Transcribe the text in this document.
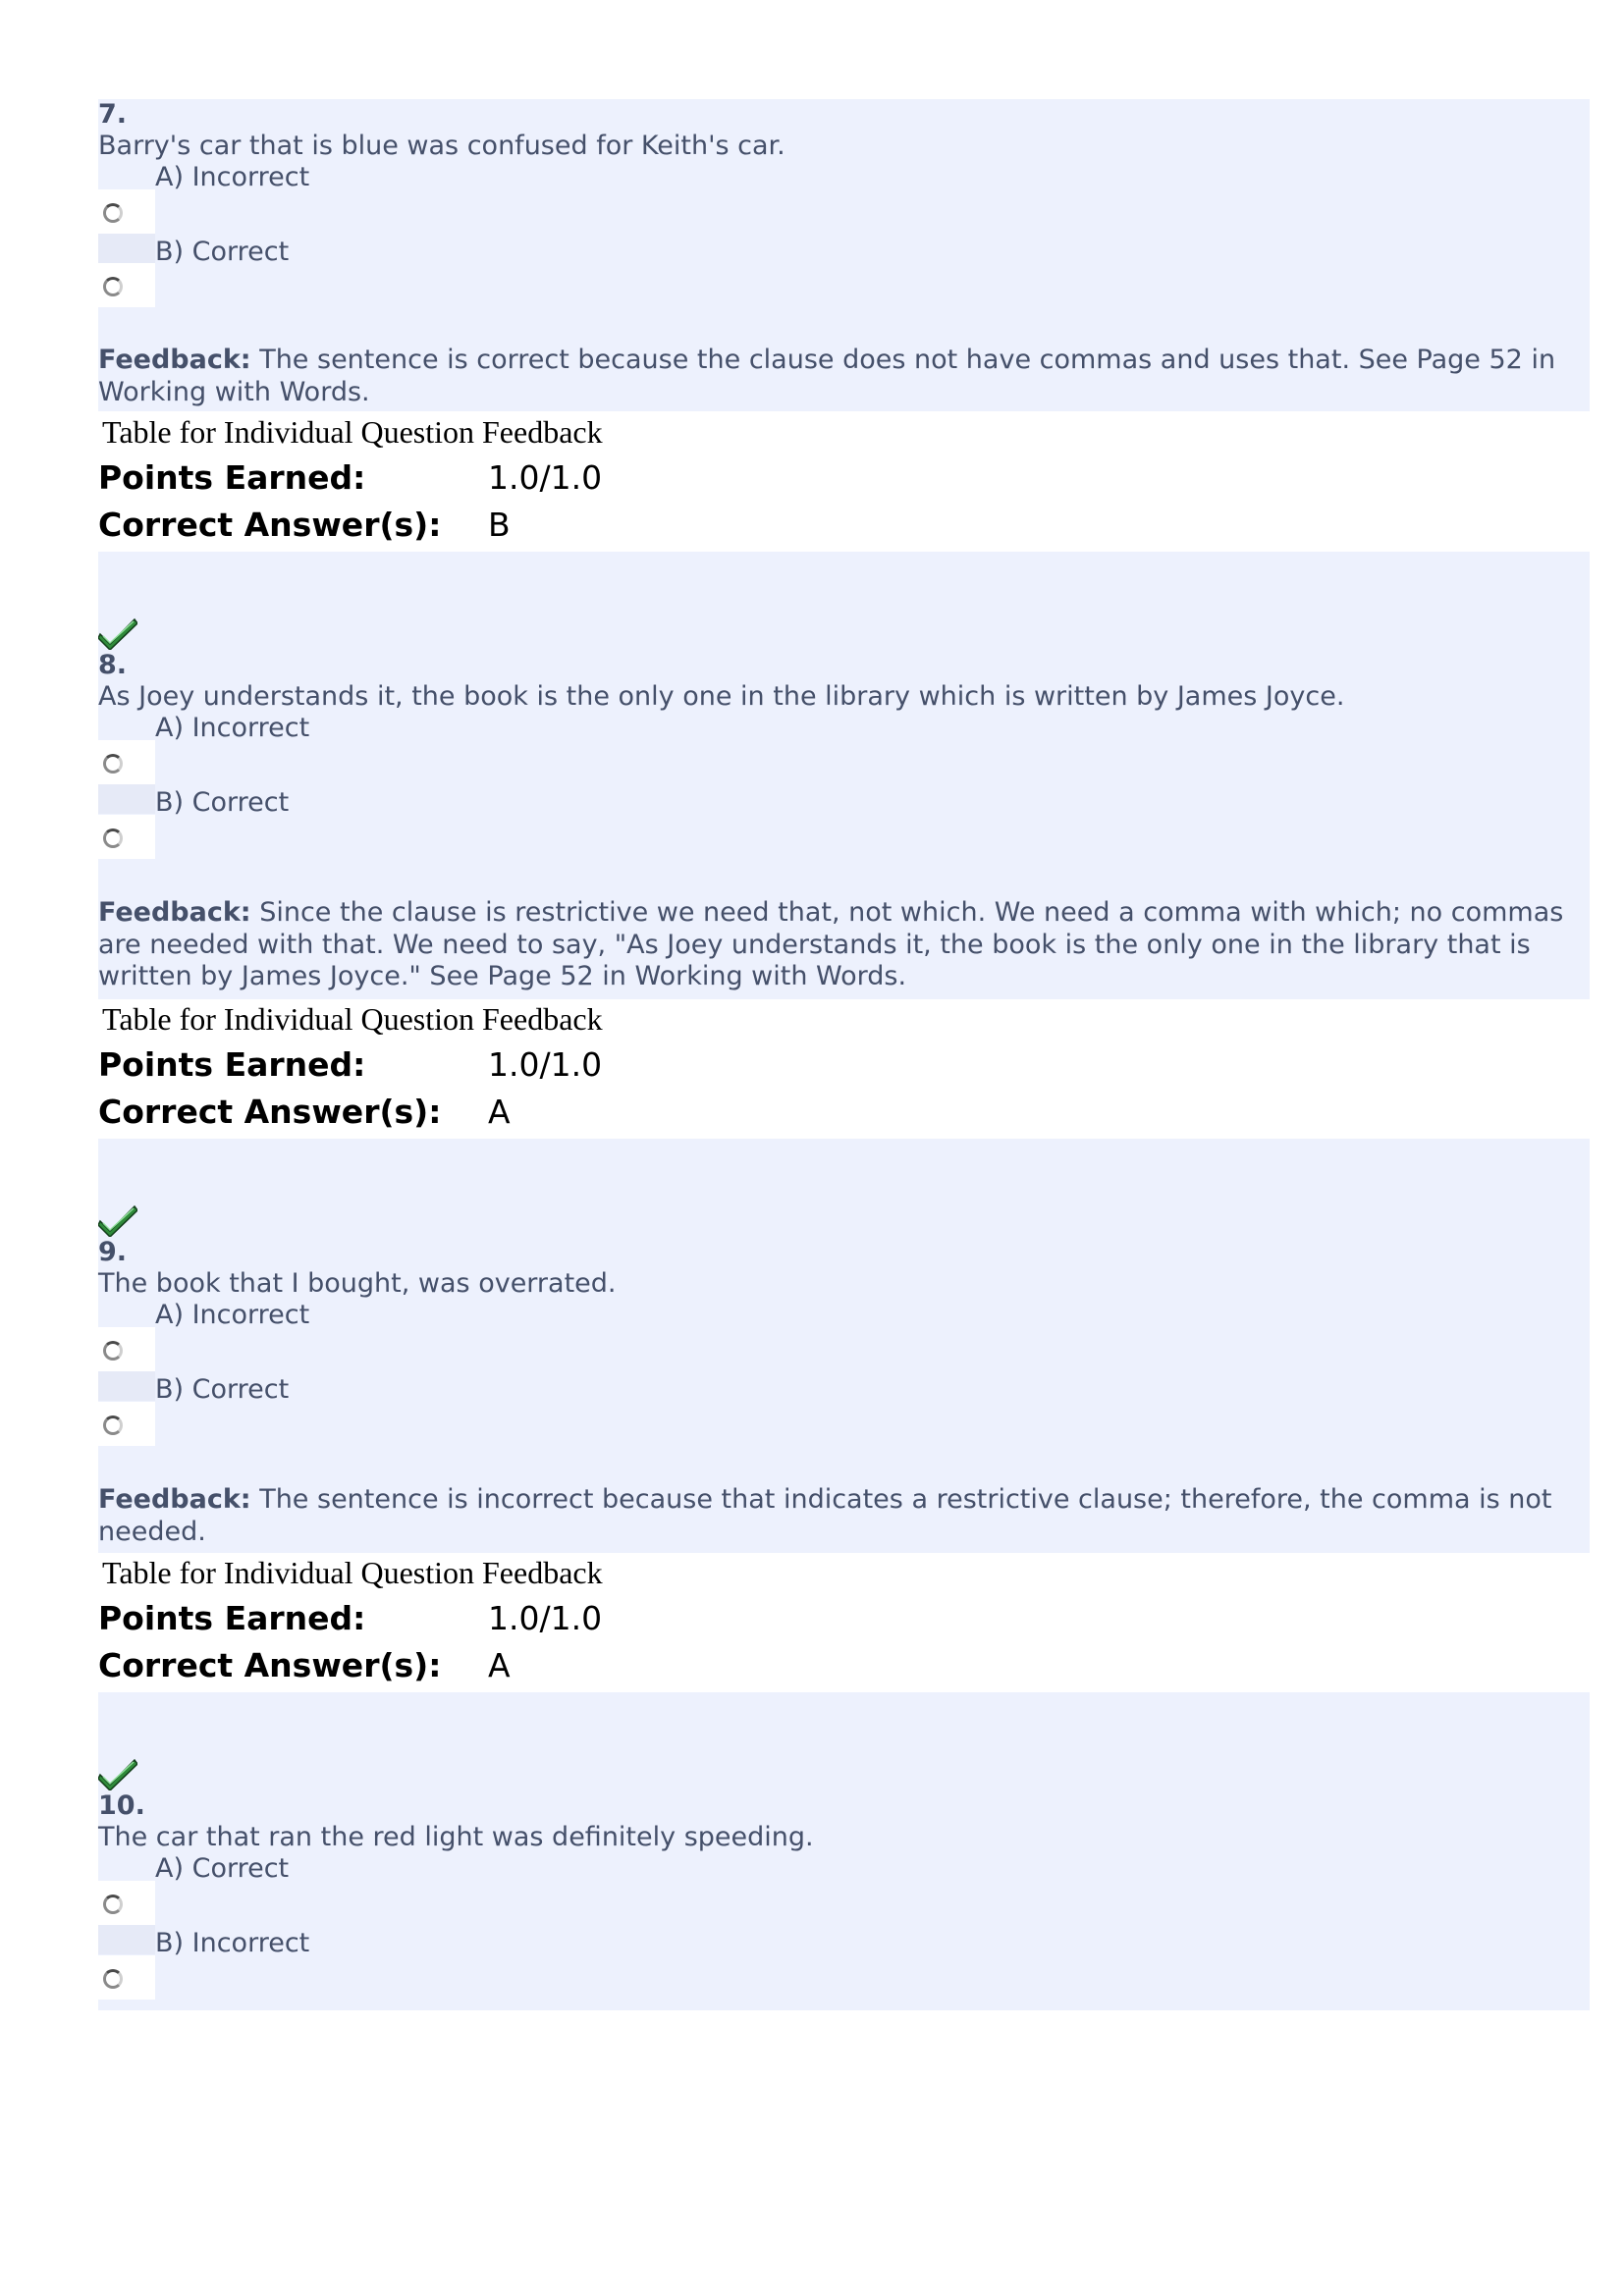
7.
Barry's car that is blue was confused for Keith's car.
A) Incorrect
B) Correct
Feedback: The sentence is correct because the clause does not have commas and uses that. See Page 52 in Working with Words.
Table for Individual Question Feedback
Points Earned:	1.0/1.0
Correct Answer(s): B
8.
As Joey understands it, the book is the only one in the library which is written by James Joyce.
A) Incorrect
B) Correct
Feedback: Since the clause is restrictive we need that, not which. We need a comma with which; no commas are needed with that. We need to say, "As Joey understands it, the book is the only one in the library that is written by James Joyce." See Page 52 in Working with Words.
Table for Individual Question Feedback
Points Earned:	1.0/1.0
Correct Answer(s): A
9.
The book that I bought, was overrated.
A) Incorrect
B) Correct
Feedback: The sentence is incorrect because that indicates a restrictive clause; therefore, the comma is not needed.
Table for Individual Question Feedback
Points Earned:	1.0/1.0
Correct Answer(s): A
10.
The car that ran the red light was definitely speeding.
A) Correct
B) Incorrect
